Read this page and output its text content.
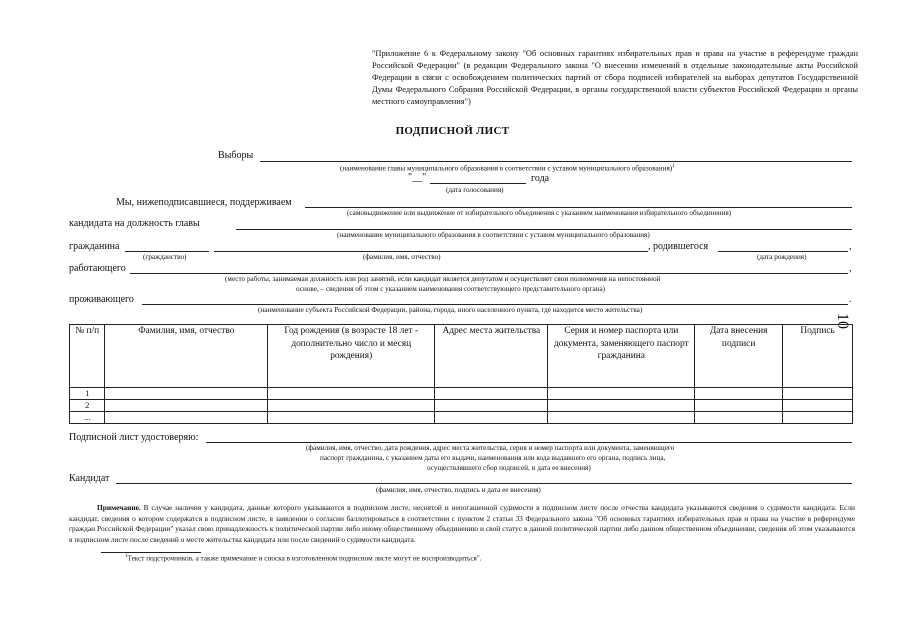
"Приложение 6 к Федеральному закону "Об основных гарантиях избирательных прав и права на участие в референдуме граждан Российской Федерации" (в редакции Федерального закона "О внесении изменений в отдельные законодательные акты Российской Федерации в связи с освобождением политических партий от сбора подписей избирателей на выборах депутатов Государственной Думы Федерального Собрания Российской Федерации, в органы государственной власти субъектов Российской Федерации и органы местного самоуправления")
ПОДПИСНОЙ ЛИСТ
Выборы
(наименование главы муниципального образования в соответствии с уставом муниципального образования)$^1$
"__"	года
(дата голосования)
Мы, нижеподписавшиеся, поддерживаем
(самовыдвижение или выдвижение от избирательного объединения с указанием наименования избирательного объединения)
кандидата на должность главы
(наименование муниципального образования в соответствии с уставом муниципального образования)
гражданина	, родившегося	,
(гражданство)	(фамилия, имя, отчество)	(дата рождения)
работающего	,
(место работы, занимаемая должность или род занятий, если кандидат является депутатом и осуществляет свои полномочия на непостоянной
основе, – сведения об этом с указанием наименования соответствующего представительного органа)
проживающего	.
(наименование субъекта Российской Федерации, района, города, иного населенного пункта, где находится место жительства)
10
№ п/п	Фамилия, имя, отчество	Год рождения (в возрасте 18 лет - дополнительно число и месяц рождения)	Адрес места жительства	Серия и номер паспорта или документа, заменяющего паспорт гражданина	Дата внесения подписи	Подпись
1						
2						
...						
Подписной лист удостоверяю:
(фамилия, имя, отчество, дата рождения, адрес места жительства, серия и номер паспорта или документа, заменяющего
паспорт гражданина, с указанием даты его выдачи, наименования или кода выдавшего его органа, подпись лица,
осуществлявшего сбор подписей, и дата ее внесения)
Кандидат
(фамилия, имя, отчество, подпись и дата ее внесения)
Примечание. В случае наличия у кандидата, данные которого указываются в подписном листе, неснятой и непогашенной судимости в подписном листе после отчества кандидата указываются сведения о судимости кандидата. Если кандидат, сведения о котором содержатся в подписном листе, в заявлении о согласии баллотироваться в соответствии с пунктом 2 статьи 33 Федерального закона "Об основных гарантиях избирательных прав и права на участие в референдуме граждан Российской Федерации" указал свою принадлежность к политической партии либо иному общественному объединению и свой статус в данной политической партии либо данном общественном объединении, сведения об этом указываются в подписном листе после сведений о месте жительства кандидата или после сведений о судимости кандидата.
$^1$Текст подстрочников, а также примечание и сноска в изготовленном подписном листе могут не воспроизводиться".
